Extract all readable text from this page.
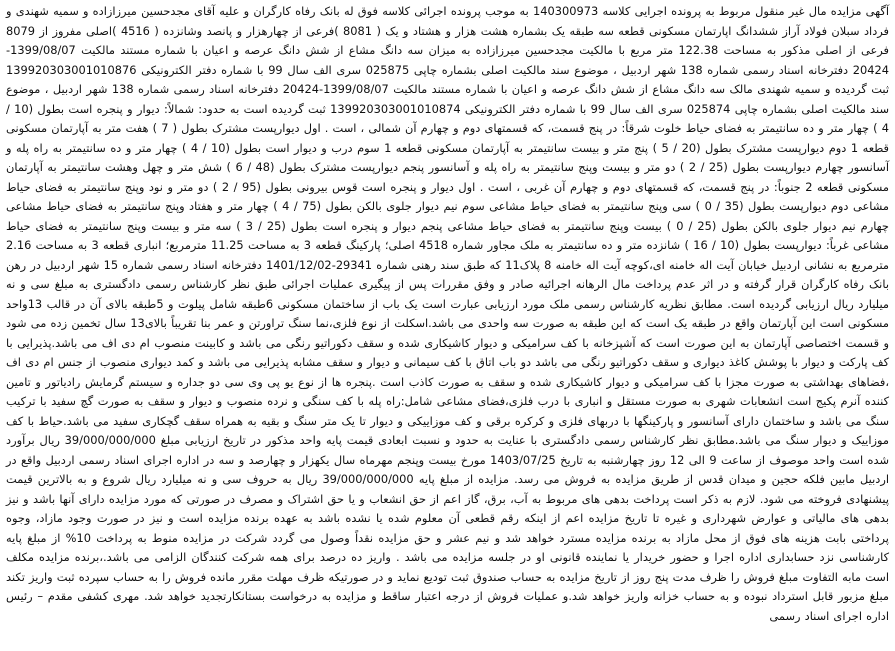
آگهی مزایده مال غیر منقول مربوط به پرونده اجرایی کلاسه 140300973 به موجب پرونده اجرائی کلاسه فوق له بانک رفاه کارگران و علیه آقای مجدحسین میرزازاده و سمیه شهندی و فرداد سبلان فولاد آراز ششدانگ اپارتمان مسکونی قطعه سه طبقه یک بشماره هشت هزار و هشتاد و یک ( 8081 )فرعی از چهارهزار و پانصد وشانزده ( 4516 )اصلی مفروز از 8079 فرعی از اصلی مذکور به مساحت 122.38 متر مربع با مالکیت مجدحسین میرزازاده به میزان سه دانگ مشاع از شش دانگ عرصه و اعیان با شماره مستند مالکیت 1399/08/07-20424 دفترخانه اسناد رسمی شماره 138 شهر اردبیل ، موضوع سند مالکیت اصلی بشماره چاپی 025875 سری الف سال 99 با شماره دفتر الکترونیکی 139920303001010876 ثبت گردیده و سمیه شهندی مالک سه دانگ مشاع از شش دانگ عرصه و اعیان با شماره مستند مالکیت 1399/08/07-20424 دفترخانه اسناد رسمی شماره 138 شهر اردبیل ، موضوع سند مالکیت اصلی بشماره چاپی 025874 سری الف سال 99 با شماره دفتر الکترونیکی 139920303001010874 ثبت گردیده است به حدود: شمالاً: دیوار و پنجره است بطول (10 / 4 ) چهار متر و ده سانتیمتر به فضای حیاط خلوت شرقاً: در پنج قسمت، که قسمتهای دوم و چهارم آن شمالی ، است . اول دیوارپست مشترک بطول ( 7 ) هفت متر به آپارتمان مسکونی قطعه 1 دوم دیوارپست مشترک بطول (20 / 5 ) پنج متر و بیست سانتیمتر به آپارتمان مسکونی قطعه 1 سوم درب و دیوار است بطول (10 / 4 ) چهار متر و ده سانتیمتر به راه پله و آسانسور چهارم دیوارپست بطول (25 / 2 ) دو متر و بیست وپنج سانتیمتر به راه پله و آسانسور پنجم دیوارپست مشترک بطول (48 / 6 ) شش متر و چهل وهشت سانتیمتر به آپارتمان مسکونی قطعه 2 جنوباً: در پنج قسمت، که قسمتهای دوم و چهارم آن غربی ، است . اول دیوار و پنجره است قوس بیرونی بطول (95 / 2 ) دو متر و نود وپنج سانتیمتر به فضای حیاط مشاعی دوم دیوارپست بطول (35 / 0 ) سی وپنج سانتیمتر به فضای حیاط مشاعی سوم نیم دیوار جلوی بالکن بطول (75 / 4 ) چهار متر و هفتاد وپنج سانتیمتر به فضای حیاط مشاعی چهارم نیم دیوار جلوی بالکن بطول (25 / 0 ) بیست وپنج سانتیمتر به فضای حیاط مشاعی پنجم دیوار و پنجره است بطول (25 / 3 ) سه متر و بیست وپنج سانتیمتر به فضای حیاط مشاعی غرباً: دیوارپست بطول (10 / 16 ) شانزده متر و ده سانتیمتر به ملک مجاور شماره 4518 اصلی؛ پارکینگ قطعه 3 به مساحت 11.25 مترمربع؛ انباری قطعه 3 به مساحت 2.16 مترمربع به نشانی اردبیل خیابان آیت اله خامنه ای،کوچه آیت اله خامنه 8 پلاک11 که طبق سند رهنی شماره 29341-1401/12/02 دفترخانه اسناد رسمی شماره 15 شهر اردبیل در رهن بانک رفاه کارگران قرار گرفته و در اثر عدم پرداخت مال الرهانه اجرائیه صادر و وفق مقررات پس از پیگیری عملیات اجرائی طبق نظر کارشناس رسمی دادگستری به مبلغ سی و نه میلیارد ریال ارزیابی گردیده است. مطابق نظریه کارشناس رسمی ملک مورد ارزیابی عبارت است یک باب از ساختمان مسکونی 6طبقه شامل پیلوت و 5طبقه بالای آن در قالب 13واحد مسکونی است این آپارتمان واقع در طبقه یک است که این طبقه به صورت سه واحدی می باشد.اسکلت از نوع فلزی،نما سنگ تراورتن و عمر بنا تقریباً بالای13 سال تخمین زده می شود و قسمت اختصاصی آپارتمان به این صورت است که آشپزخانه با کف سرامیکی و دیوار کاشیکاری شده و سقف دکوراتیو رنگی می باشد و کابینت منصوب ام دی اف می باشد.پذیرایی با کف پارکت و دیوار با پوشش کاغذ دیواری و سقف دکوراتیو رنگی می باشد دو باب اتاق با کف سیمانی و دیوار و سقف مشابه پذیرایی می باشد و کمد دیواری منصوب از جنس ام دی اف ،فضاهای بهداشتی به صورت مجزا با کف سرامیکی و دیوار کاشیکاری شده و سقف به صورت کاذب است .پنجره ها از نوع یو پی وی سی دو جداره و سیستم گرمایش رادیاتور و تامین کننده آنرم پکیج است انشعابات شهری به صورت مستقل و انباری با درب فلزی،فضای مشاعی شامل:راه پله با کف سنگی و نرده منصوب و دیوار و سقف به صورت گچ سفید با ترکیب سنگ می باشد و ساختمان دارای آسانسور و پارکینگها با دربهای فلزی و کرکره برقی و کف موزاییکی و دیوار تا یک متر سنگ و بقیه به همراه سقف گچکاری سفید می باشد.حیاط با کف موزاییک و دیوار سنگ می باشد.مطابق نظر کارشناس رسمی دادگستری با عنایت به حدود و نسبت ابعادی قیمت پایه واحد مذکور در تاریخ ارزیابی مبلغ 39/000/000/000 ریال برآورد شده است واحد موصوف از ساعت 9 الی 12 روز چهارشنبه به تاریخ 1403/07/25 مورخ بیست وپنجم مهرماه سال یکهزار و چهارصد و سه در اداره اجرای اسناد رسمی اردبیل واقع در اردبیل مابین فلکه حجین و میدان قدس از طریق مزایده به فروش می رسد. مزایده از مبلغ پایه 39/000/000/000 ریال به حروف سی و نه میلیارد ریال شروع و به بالاترین قیمت پیشنهادی فروخته می شود. لازم به ذکر است پرداخت بدهی های مربوط به آب، برق، گاز اعم از حق انشعاب و یا حق اشتراک و مصرف در صورتی که مورد مزایده دارای آنها باشد و نیز بدهی های مالیاتی و عوارض شهرداری و غیره تا تاریخ مزایده اعم از اینکه رقم قطعی آن معلوم شده یا نشده باشد به عهده برنده مزایده است و نیز در صورت وجود مازاد، وجوه پرداختی بابت هزینه های فوق از محل مازاد به برنده مزایده مسترد خواهد شد و نیم عشر و حق مزایده نقداً وصول می گردد شرکت در مزایده منوط به پرداخت 10% از مبلغ پایه کارشناسی نزد حسابداری اداره اجرا و حضور خریدار یا نماینده قانونی او در جلسه مزایده می باشد . واریز ده درصد برای همه شرکت کنندگان الزامی می باشد.،برنده مزایده مکلف است مابه التفاوت مبلغ فروش را ظرف مدت پنج روز از تاریخ مزایده به حساب صندوق ثبت تودیع نماید و در صورتیکه ظرف مهلت مقرر مانده فروش را به حساب سپرده ثبت واریز تکند مبلغ مزبور قابل استرداد نبوده و به حساب خزانه واریز خواهد شد.و عملیات فروش از درجه اعتبار ساقط و مزایده به درخواست بستانکارتجدید خواهد شد. مهری کشفی مقدم – رئیس اداره اجرای اسناد رسمی
